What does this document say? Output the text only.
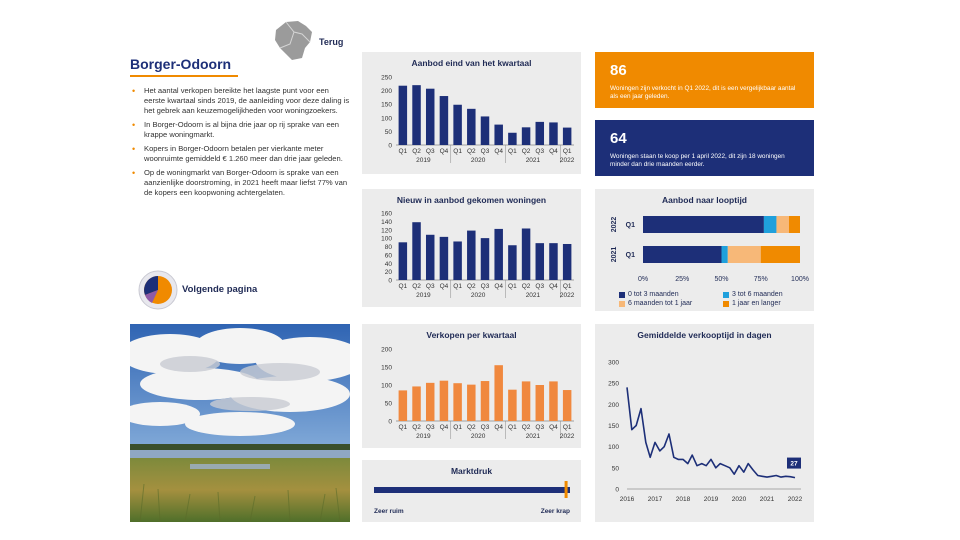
Terug
Borger-Odoorn
• Het aantal verkopen bereikte het laagste punt voor een eerste kwartaal sinds 2019, de aanleiding voor deze daling is het gebrek aan keuzemogelijkheden voor woningzoekers.
• In Borger-Odoorn is al bijna drie jaar op rij sprake van een krappe woningmarkt.
• Kopers in Borger-Odoorn betalen per vierkante meter woonruimte gemiddeld € 1.260 meer dan drie jaar geleden.
• Op de woningmarkt van Borger-Odoorn is sprake van een aanzienlijke doorstroming, in 2021 heeft maar liefst 77% van de kopers een koopwoning achtergelaten.
Volgende pagina
Aanbod eind van het kwartaal
0
50
100
150
200
250
Q1 Q2 Q3 Q4 Q1 Q2 Q3 Q4 Q1 Q2 Q3 Q4 Q1
2019	2020	2021	2022
Nieuw in aanbod gekomen woningen
0
20
40
60
80
100
120
140
160
Q1 Q2 Q3 Q4 Q1 Q2 Q3 Q4 Q1 Q2 Q3 Q4 Q1
2019	2020	2021	2022
Verkopen per kwartaal
0
50
100
150
200
Q1 Q2 Q3 Q4 Q1 Q2 Q3 Q4 Q1 Q2 Q3 Q4 Q1
2019	2020	2021	2022
Marktdruk
Zeer ruim	Zeer krap
86
Woningen zijn verkocht in Q1 2022, dit is een vergelijkbaar aantal als een jaar geleden.
64
Woningen staan te koop per 1 april 2022, dit zijn 18 woningen minder dan drie maanden eerder.
Aanbod naar looptijd
Q1
2022
Q1
2021
0%	25%	50%	75%	100%
0 tot 3 maanden	3 tot 6 maanden
6 maanden tot 1 jaar	1 jaar en langer
Gemiddelde verkooptijd in dagen
0
50
100
150
200
250
300
2016 2017 2018 2019 2020 2021 2022
27
